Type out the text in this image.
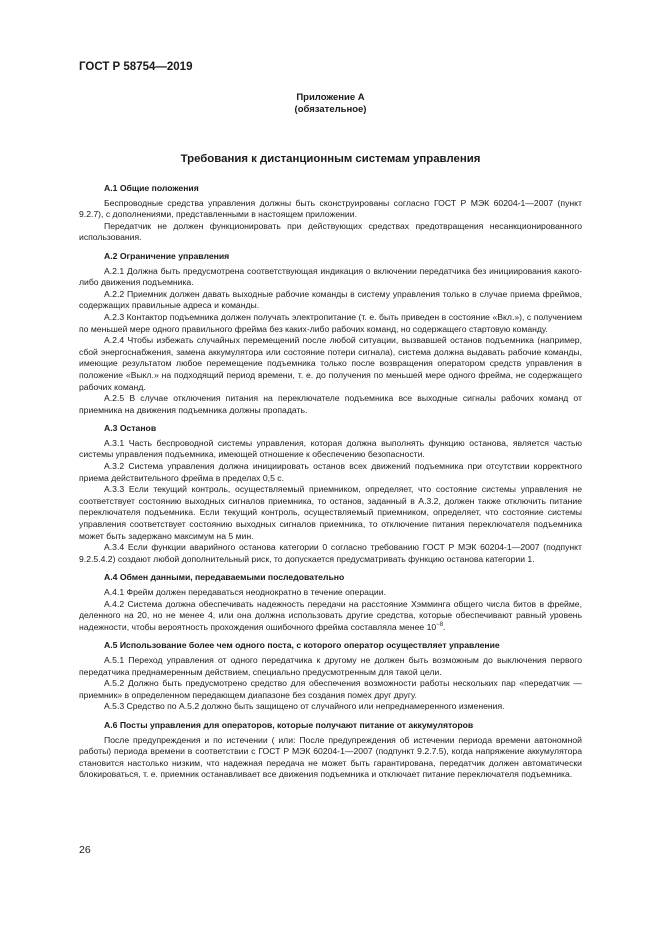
ГОСТ Р 58754—2019
Приложение А
(обязательное)
Требования к дистанционным системам управления
А.1 Общие положения

Беспроводные средства управления должны быть сконструированы согласно ГОСТ Р МЭК 60204-1—2007 (пункт 9.2.7), с дополнениями, представленными в настоящем приложении.

Передатчик не должен функционировать при действующих средствах предотвращения несанкционированного использования.

А.2 Ограничение управления

А.2.1 Должна быть предусмотрена соответствующая индикация о включении передатчика без инициирования какого-либо движения подъемника.

А.2.2 Приемник должен давать выходные рабочие команды в систему управления только в случае приема фреймов, содержащих правильные адреса и команды.

А.2.3 Контактор подъемника должен получать электропитание (т. е. быть приведен в состояние «Вкл.»), с получением по меньшей мере одного правильного фрейма без каких-либо рабочих команд, но содержащего стартовую команду.

А.2.4 Чтобы избежать случайных перемещений после любой ситуации, вызвавшей останов подъемника (например, сбой энергоснабжения, замена аккумулятора или состояние потери сигнала), система должна выдавать рабочие команды, имеющие результатом любое перемещение подъемника только после возвращения оператором средств управления в положение «Выкл.» на подходящий период времени, т. е. до получения по меньшей мере одного фрейма, не содержащего рабочих команд.

А.2.5 В случае отключения питания на переключателе подъемника все выходные сигналы рабочих команд от приемника на движения подъемника должны пропадать.

А.3 Останов

А.3.1 Часть беспроводной системы управления, которая должна выполнять функцию останова, является частью системы управления подъемника, имеющей отношение к обеспечению безопасности.

А.3.2 Система управления должна инициировать останов всех движений подъемника при отсутствии корректного приема действительного фрейма в пределах 0,5 с.

А.3.3 Если текущий контроль, осуществляемый приемником, определяет, что состояние системы управления не соответствует состоянию выходных сигналов приемника, то останов, заданный в А.3.2, должен также отключить питание переключателя подъемника. Если текущий контроль, осуществляемый приемником, определяет, что состояние системы управления соответствует состоянию выходных сигналов приемника, то отключение питания переключателя подъемника может быть задержано максимум на 5 мин.

А.3.4 Если функции аварийного останова категории 0 согласно требованию ГОСТ Р МЭК 60204-1—2007 (подпункт 9.2.5.4.2) создают любой дополнительный риск, то допускается предусматривать функцию останова категории 1.

А.4 Обмен данными, передаваемыми последовательно

А.4.1 Фрейм должен передаваться неоднократно в течение операции.

А.4.2 Система должна обеспечивать надежность передачи на расстояние Хэмминга общего числа битов в фрейме, деленного на 20, но не менее 4, или она должна использовать другие средства, которые обеспечивают равный уровень надежности, чтобы вероятность прохождения ошибочного фрейма составляла менее $10^{-8}$.

А.5 Использование более чем одного поста, с которого оператор осуществляет управление

А.5.1 Переход управления от одного передатчика к другому не должен быть возможным до выключения первого передатчика преднамеренным действием, специально предусмотренным для такой цели.

А.5.2 Должно быть предусмотрено средство для обеспечения возможности работы нескольких пар «передатчик — приемник» в определенном передающем диапазоне без создания помех друг другу.

А.5.3 Средство по А.5.2 должно быть защищено от случайного или непреднамеренного изменения.

А.6 Посты управления для операторов, которые получают питание от аккумуляторов

После предупреждения и по истечении ( или: После предупреждения об истечении периода времени автономной работы) периода времени в соответствии с ГОСТ Р МЭК 60204-1—2007 (подпункт 9.2.7.5), когда напряжение аккумулятора становится настолько низким, что надежная передача не может быть гарантирована, передатчик должен автоматически блокироваться, т. е. приемник останавливает все движения подъемника и отключает питание переключателя подъемника.

26
